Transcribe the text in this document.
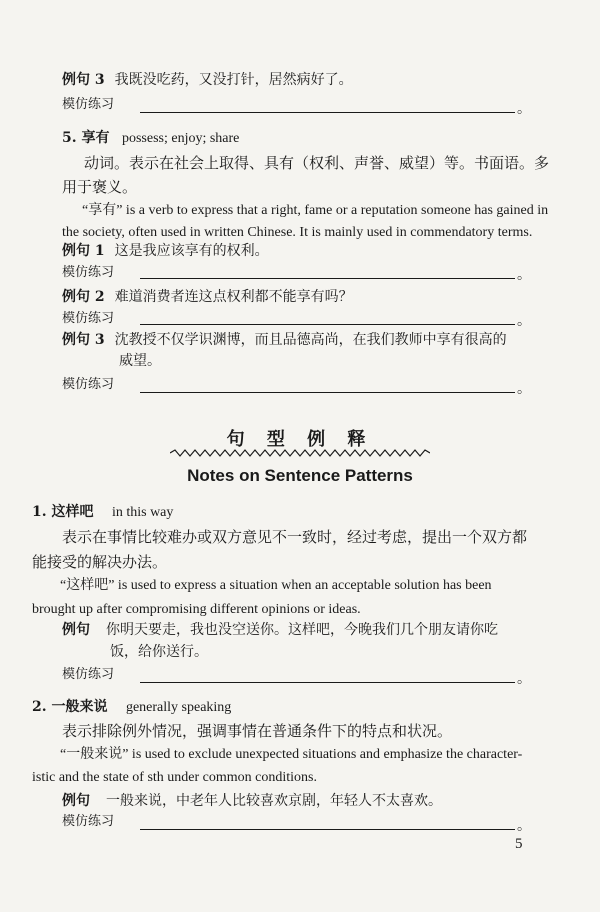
例句 3 我既没吃药，又没打针，居然病好了。
模仿练习	。
5. 享有 possess; enjoy; share
动词。表示在社会上取得、具有（权利、声誉、威望）等。书面语。多
用于褒义。
“享有” is a verb to express that a right, fame or a reputation someone has gained in
the society, often used in written Chinese. It is mainly used in commendatory terms.
例句 1 这是我应该享有的权利。
模仿练习	。
例句 2 难道消费者连这点权利都不能享有吗？
模仿练习	。
例句 3 沈教授不仅学识渊博，而且品德高尚，在我们教师中享有很高的
威望。
模仿练习	。
句 型 例 释
Notes on Sentence Patterns
1. 这样吧 in this way
表示在事情比较难办或双方意见不一致时，经过考虑，提出一个双方都
能接受的解决办法。
“这样吧” is used to express a situation when an acceptable solution has been
brought up after compromising different opinions or ideas.
例句 你明天要走，我也没空送你。这样吧，今晚我们几个朋友请你吃
饭，给你送行。
模仿练习	。
2. 一般来说 generally speaking
表示排除例外情况，强调事情在普通条件下的特点和状况。
“一般来说” is used to exclude unexpected situations and emphasize the character-
istic and the state of sth under common conditions.
例句 一般来说，中老年人比较喜欢京剧，年轻人不太喜欢。
模仿练习	。
5
